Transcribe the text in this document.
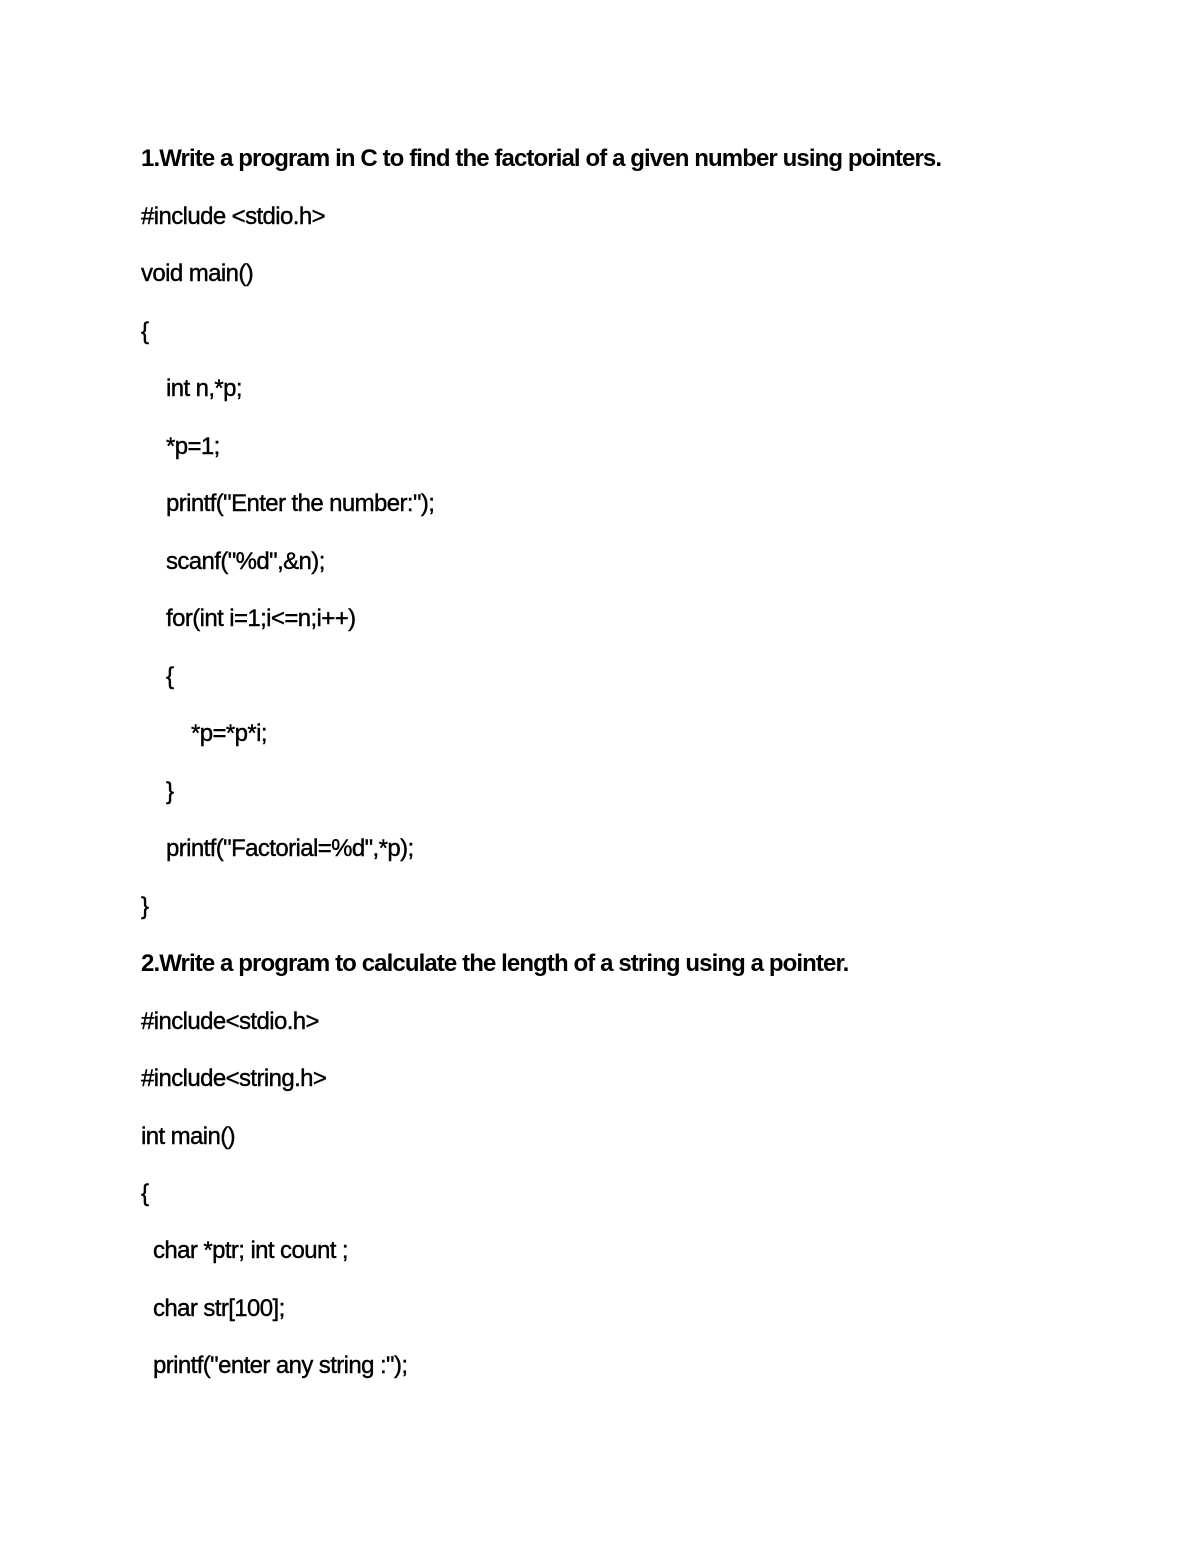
1.Write a program in C to find the factorial of a given number using pointers.
#include <stdio.h>
void main()
{
int n,*p;
*p=1;
printf("Enter the number:");
scanf("%d",&n);
for(int i=1;i<=n;i++)
{
*p=*p*i;
}
printf("Factorial=%d",*p);
}
2.Write a program to calculate the length of a string using a pointer.
#include<stdio.h>
#include<string.h>
int main()
{
char *ptr; int count ;
char str[100];
printf("enter any string :");
